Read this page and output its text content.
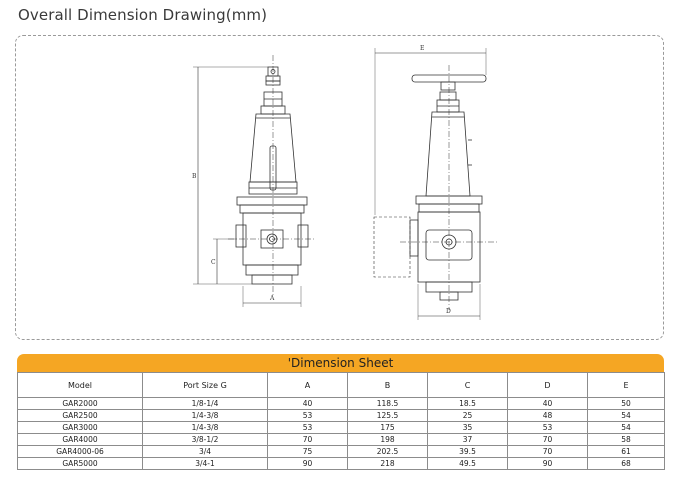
Overall Dimension Drawing(mm)
B
C
A
E
D
'Dimension Sheet
Model	Port Size G	A	B	C	D	E
GAR2000	1/8-1/4	40	118.5	18.5	40	50
GAR2500	1/4-3/8	53	125.5	25	48	54
GAR3000	1/4-3/8	53	175	35	53	54
GAR4000	3/8-1/2	70	198	37	70	58
GAR4000-06	3/4	75	202.5	39.5	70	61
GAR5000	3/4-1	90	218	49.5	90	68
